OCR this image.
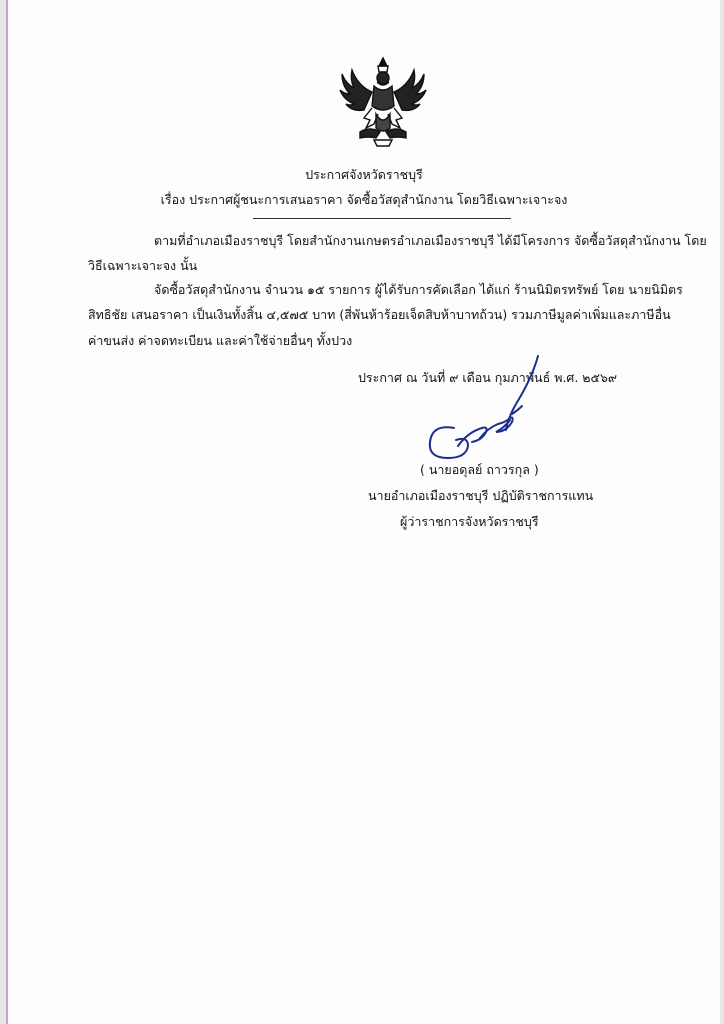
ประกาศจังหวัดราชบุรี
เรื่อง ประกาศผู้ชนะการเสนอราคา จัดซื้อวัสดุสำนักงาน โดยวิธีเฉพาะเจาะจง
ตามที่อำเภอเมืองราชบุรี โดยสำนักงานเกษตรอำเภอเมืองราชบุรี ได้มีโครงการ จัดซื้อวัสดุสำนักงาน โดย
วิธีเฉพาะเจาะจง นั้น
จัดซื้อวัสดุสำนักงาน จำนวน ๑๕ รายการ ผู้ได้รับการคัดเลือก ได้แก่ ร้านนิมิตรทรัพย์ โดย นายนิมิตร
สิทธิชัย เสนอราคา เป็นเงินทั้งสิ้น ๔,๕๗๕ บาท (สี่พันห้าร้อยเจ็ดสิบห้าบาทถ้วน) รวมภาษีมูลค่าเพิ่มและภาษีอื่น
ค่าขนส่ง ค่าจดทะเบียน และค่าใช้จ่ายอื่นๆ ทั้งปวง
ประกาศ ณ วันที่ ๙ เดือน กุมภาพันธ์ พ.ศ. ๒๕๖๙
( นายอดุลย์ ถาวรกุล )
นายอำเภอเมืองราชบุรี ปฏิบัติราชการแทน
ผู้ว่าราชการจังหวัดราชบุรี
